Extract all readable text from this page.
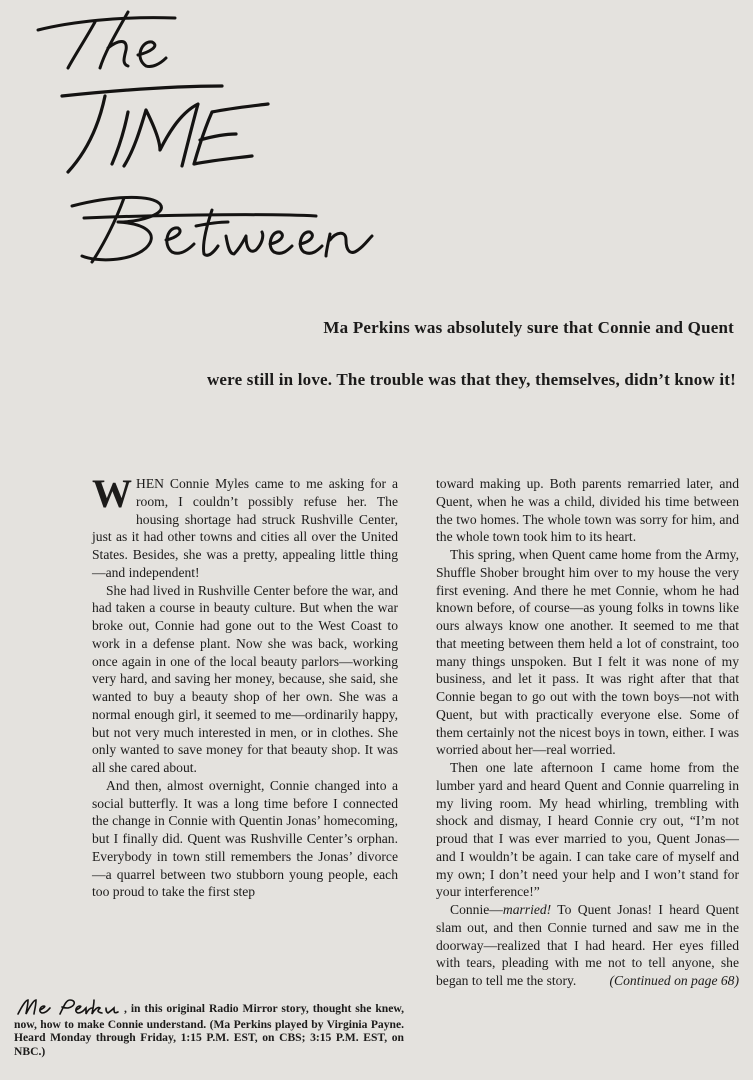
Ma Perkins was absolutely sure that Connie and Quent
were still in love. The trouble was that they, themselves, didn’t know it!

WHEN Connie Myles came to me asking for a room, I couldn’t possibly refuse her. The housing shortage had struck Rushville Center, just as it had other towns and cities all over the United States. Besides, she was a pretty, appealing little thing—and independent!

She had lived in Rushville Center before the war, and had taken a course in beauty culture. But when the war broke out, Connie had gone out to the West Coast to work in a defense plant. Now she was back, working once again in one of the local beauty parlors—working very hard, and saving her money, because, she said, she wanted to buy a beauty shop of her own. She was a normal enough girl, it seemed to me—ordinarily happy, but not very much interested in men, or in clothes. She only wanted to save money for that beauty shop. It was all she cared about.

And then, almost overnight, Connie changed into a social butterfly. It was a long time before I connected the change in Connie with Quentin Jonas’ homecoming, but I finally did. Quent was Rushville Center’s orphan. Everybody in town still remembers the Jonas’ divorce—a quarrel between two stubborn young people, each too proud to take the first step

toward making up. Both parents remarried later, and Quent, when he was a child, divided his time between the two homes. The whole town was sorry for him, and the whole town took him to its heart.

This spring, when Quent came home from the Army, Shuffle Shober brought him over to my house the very first evening. And there he met Connie, whom he had known before, of course—as young folks in towns like ours always know one another. It seemed to me that that meeting between them held a lot of constraint, too many things unspoken. But I felt it was none of my business, and let it pass. It was right after that that Connie began to go out with the town boys—not with Quent, but with practically everyone else. Some of them certainly not the nicest boys in town, either. I was worried about her—real worried.

Then one late afternoon I came home from the lumber yard and heard Quent and Connie quarreling in my living room. My head whirling, trembling with shock and dismay, I heard Connie cry out, “I’m not proud that I was ever married to you, Quent Jonas—and I wouldn’t be again. I can take care of myself and my own; I don’t need your help and I won’t stand for your interference!”

Connie—married! To Quent Jonas! I heard Quent slam out, and then Connie turned and saw me in the doorway—realized that I had heard. Her eyes filled with tears, pleading with me not to tell anyone, she began to tell me the story.	(Continued on page 68)
, in this original Radio Mirror story, thought she knew, now, how to make Connie understand. (Ma Perkins played by Virginia Payne. Heard Monday through Friday, 1:15 P.M. EST, on CBS; 3:15 P.M. EST, on NBC.)
